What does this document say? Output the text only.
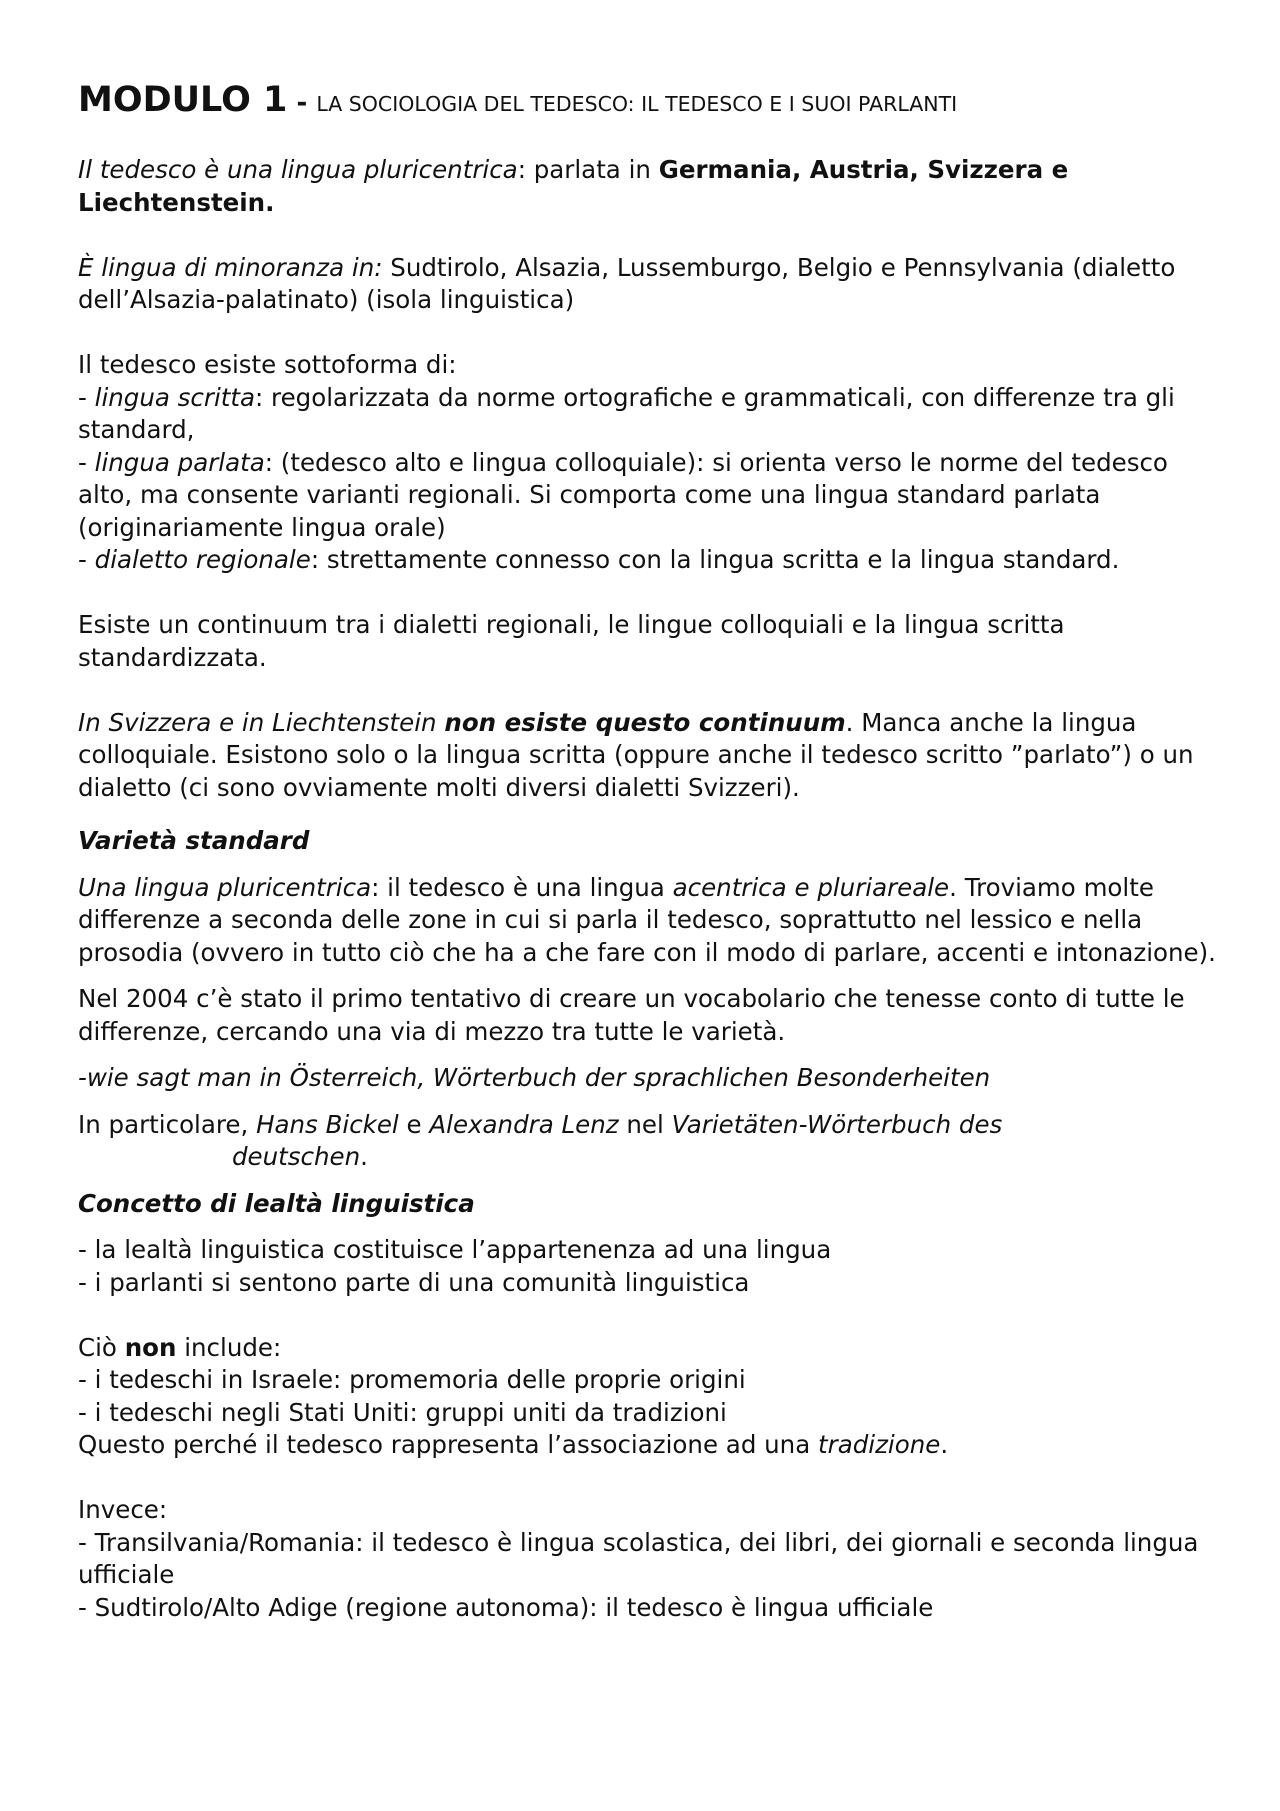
MODULO 1 - LA SOCIOLOGIA DEL TEDESCO: IL TEDESCO E I SUOI PARLANTI

Il tedesco è una lingua pluricentrica: parlata in Germania, Austria, Svizzera e Liechtenstein.

È lingua di minoranza in: Sudtirolo, Alsazia, Lussemburgo, Belgio e Pennsylvania (dialetto dell’Alsazia-palatinato) (isola linguistica)

Il tedesco esiste sottoforma di:

- lingua scritta: regolarizzata da norme ortografiche e grammaticali, con differenze tra gli standard,

- lingua parlata: (tedesco alto e lingua colloquiale): si orienta verso le norme del tedesco alto, ma consente varianti regionali. Si comporta come una lingua standard parlata (originariamente lingua orale)

- dialetto regionale: strettamente connesso con la lingua scritta e la lingua standard.

Esiste un continuum tra i dialetti regionali, le lingue colloquiali e la lingua scritta standardizzata.

In Svizzera e in Liechtenstein non esiste questo continuum. Manca anche la lingua colloquiale. Esistono solo o la lingua scritta (oppure anche il tedesco scritto ”parlato”) o un dialetto (ci sono ovviamente molti diversi dialetti Svizzeri).

Varietà standard

Una lingua pluricentrica: il tedesco è una lingua acentrica e pluriareale. Troviamo molte differenze a seconda delle zone in cui si parla il tedesco, soprattutto nel lessico e nella prosodia (ovvero in tutto ciò che ha a che fare con il modo di parlare, accenti e intonazione).

Nel 2004 c’è stato il primo tentativo di creare un vocabolario che tenesse conto di tutte le differenze, cercando una via di mezzo tra tutte le varietà.

-wie sagt man in Österreich, Wörterbuch der sprachlichen Besonderheiten

In particolare, Hans Bickel e Alexandra Lenz nel Varietäten-Wörterbuch des
deutschen.

Concetto di lealtà linguistica

- la lealtà linguistica costituisce l’appartenenza ad una lingua

- i parlanti si sentono parte di una comunità linguistica

Ciò non include:

- i tedeschi in Israele: promemoria delle proprie origini

- i tedeschi negli Stati Uniti: gruppi uniti da tradizioni

Questo perché il tedesco rappresenta l’associazione ad una tradizione.

Invece:

- Transilvania/Romania: il tedesco è lingua scolastica, dei libri, dei giornali e seconda lingua ufficiale

- Sudtirolo/Alto Adige (regione autonoma): il tedesco è lingua ufficiale
